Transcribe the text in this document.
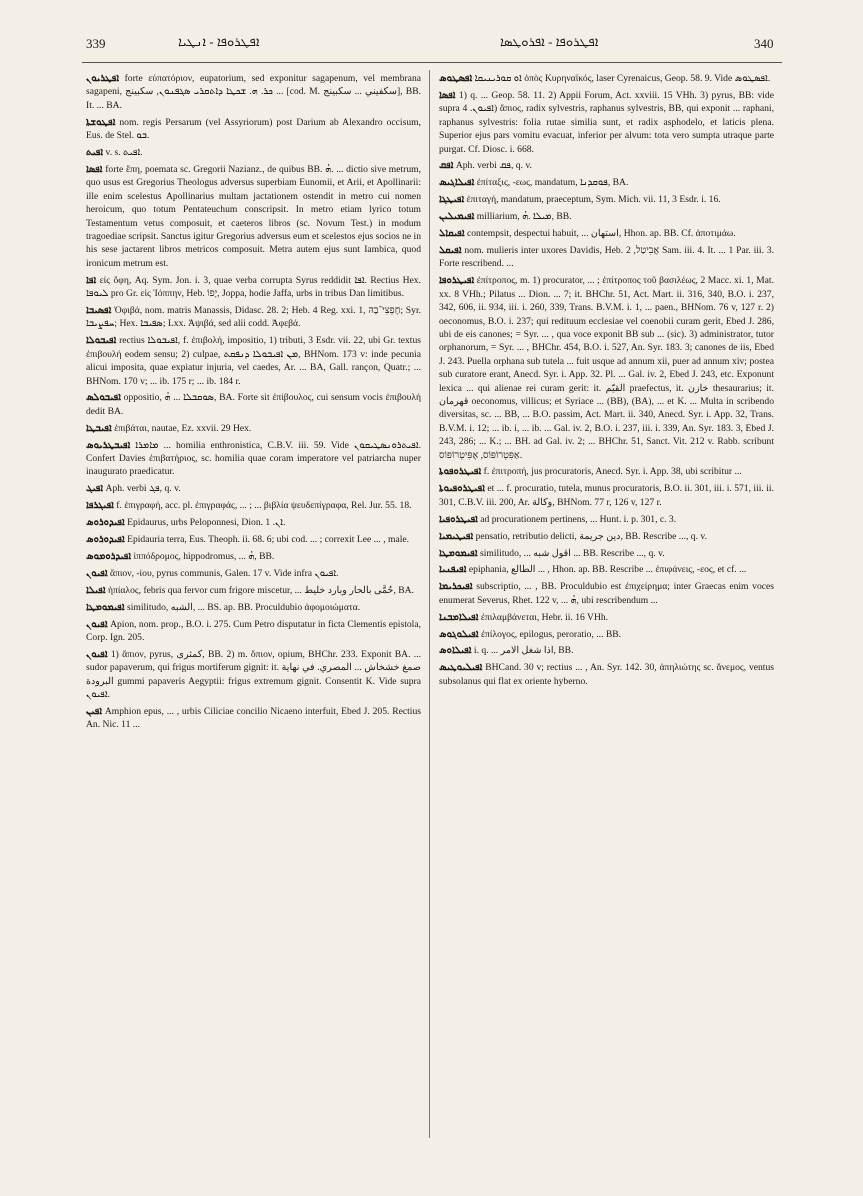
339	ܐܦܛܪܘܦܐ - ܐܢܛܝܐ	ܐܦܛܪܘܦܐ - ܐܦܪܘܛܣܐ	340

ܐܦܛܪܝܘܢ forte εὐπατόριον, eupatorium, sed exponitur sagapenum, vel membrana sagapeni, ܟܪ. ܗ. ܫܟܛܐ ܕܐܬܩܪܝ ܣܓܦܢܘܢ, سكبينج ... [cod. M. سكفيني ... سكبينج], BB. It. ... BA.

ܐܦܛܘܫܬܐ nom. regis Persarum (vel Assyriorum) post Darium ab Alexandro occisum, Eus. de Stel. ܒܘ.

ܐܦܝܬ v. s. ܐܦܝܬ.

ܐܦܣܐ forte ἔπη, poemata sc. Gregorii Nazianz., de quibus BB. ܗܳ. ... dictio sive metrum, quo usus est Gregorius Theologus adversus superbiam Eunomii, et Arii, et Apollinarii: ille enim scelestus Apollinarius multam jactationem ostendit in metro cui nomen heroicum, quo totum Pentateuchum conscripsit. In metro etiam lyrico totum Testamentum vetus composuit, et caeteros libros (sc. Novum Test.) in modum tragoediae scripsit. Sanctus igitur Gregorius adversus eum et scelestos ejus socios ne in his sese jactarent libros metricos composuit. Metra autem ejus sunt Iambica, quod ironicum metrum est.

ܐܦܐ εἰς ὄφη, Aq. Sym. Jon. i. 3, quae verba corrupta Syrus reddidit ܐܦܐ. Rectius Hex. ܠܝܘܦܐ pro Gr. εἰς Ἰόππην, Heb. יָפוֹ, Joppa, hodie Jaffa, urbs in tribus Dan limitibus.

ܐܦܣܝܒܐ Ὀφιβά, nom. matris Manassis, Didasc. 28. 2; Heb. 4 Reg. xxi. 1, חֶפְצִי־בָהּ; Syr. ܚܦܨܝܒܐ; Hex. ܣܦܝܒܐ; Lxx. Ἀψιβά, sed alii codd. Ἀφεβά.

ܐܦܝܒܘܠܐ rectius ܐܦܝܒܘܠܐ, f. ἐπιβολή, impositio, 1) tributi, 3 Esdr. vii. 22, ubi Gr. textus ἐπιβουλή eodem sensu; 2) culpae, ܡܢ ܐܦܝܒܘܠܐ ܕܢܦܩܬ, BHNom. 173 v: inde pecunia alicui imposita, quae expiatur injuria, vel caedes, Ar. ... BA, Gall. rançon, Quatr.; ... BHNom. 170 v; ... ib. 175 r; ... ib. 184 r.

ܐܦܝܒܘܠܣ oppositio, ܣܘܩܒܠܐ ... ܗܳ, BA. Forte sit ἐπίβουλος, cui sensum vocis ἐπιβουλή dedit BA.

ܐܦܝܒܛܐ ἐπιβάται, nautae, Ez. xxvii. 29 Hex.

ܐܦܝܒܛܪܝܘܣ ܡܐܡܪܐ ... homilia enthronistica, C.B.V. iii. 59. Vide ܐܦܝܬܪܘܢܣܛܝܩܘܢ. Confert Davies ἐπιβατήριος, sc. homilia quae coram imperatore vel patriarcha nuper inaugurato praedicatur.

ܐܦܝܓ Aph. verbi ܦܓ, q. v.

ܐܦܝܓܪܦܐ f. ἐπιγραφή, acc. pl. ἐπιγραφάς, ... ; ... βιβλία ψευδεπίγραφα, Rel. Jur. 55. 18.

ܐܦܝܕܘܪܘܣ Epidaurus, urbs Peloponnesi, Dion. ܐܢ. 1.

ܐܦܝܕܘܪܘܣ Epidauria terra, Eus. Theoph. ii. 68. 6; ubi cod. ... ; correxit Lee ... , male.

ܐܦܝܕܪܘܡܘܣ ἱππόδρομος, hippodromus, ... ܗܳ, BB.

ܐܦܝܘܢ ἄπιον, -ίου, pyrus communis, Galen. 17 v. Vide infra ܐܦܝܘܢ.

ܐܦܝܠܐ ἠπίαλος, febris qua fervor cum frigore miscetur, ... حُمَّى بالحار وبارد خليط, BA.

ܐܦܝܡܘܡܛܐ similitudo, الشبه, ... BS. ap. BB. Proculdubio ἀφομοιώματα.

ܐܦܝܘܢ Apion, nom. prop., B.O. i. 275. Cum Petro disputatur in ficta Clementis epistola, Corp. Ign. 205.

ܐܦܝܘܢ 1) ἄπιον, pyrus, كمثرى, BB. 2) m. ὄπιον, opium, BHChr. 233. Exponit BA. ... sudor papaverum, qui frigus mortiferum gignit: it. صمغ خشخاش ... المصري. في نهاية البرودة gummi papaveris Aegyptii: frigus extremum gignit. Consentit K. Vide supra ܐܦܝܘܢ.

ܐܦܝܢ Amphion epus, ... , urbis Ciliciae concilio Nicaeno interfuit, Ebed J. 205. Rectius An. Nic. 11 ...

ܐܦܣܛܘܣ ܐܘ ܩܘܪܝܢܝܩܐ ὀπὸς Κυρηναϊκός, laser Cyrenaicus, Geop. 58. 9. Vide ܐܦܣܛܘܣ.

ܐܦܣܐ 1) q. ... Geop. 58. 11. 2) Appii Forum, Act. xxviii. 15 VHh. 3) pyrus, BB: vide supra ܐܦܝܘܢ. 4) ἄπιος, radix sylvestris, raphanus sylvestris, BB, qui exponit ... raphani, raphanus sylvestris: folia rutae similia sunt, et radix asphodelo, et laticis plena. Superior ejus pars vomitu evacuat, inferior per alvum: tota vero sumpta utraque parte purgat. Cf. Diosc. i. 668.

ܐܦܩ Aph. verbi ܦܩ, q. v.

ܐܦܝܠܐܓܝܣ ἐπίταξις, -εως, mandatum, ܦܘܩܕܢܐ, BA.

ܐܦܝܛܓܐ ἐπιταγή, mandatum, praeceptum, Sym. Mich. vii. 11, 3 Esdr. i. 16.

ܐܦܝܡܝܠܝܢ milliarium, ܡܝܠܐ .ܗܳ, BB.

ܐܦܝܩܐܠ contempsit, despectui habuit, ... استهان, Hhon. ap. BB. Cf. ἀποτιμάω.

ܐܦܝܩܠ nom. mulieris inter uxores Davidis, Heb. אֲבִיטַל, 2 Sam. iii. 4. It. ... 1 Par. iii. 3. Forte rescribend. ...

ܐܦܝܛܪܘܦܐ ἐπίτροπος, m. 1) procurator, ... ; ἐπίτροπος τοῦ βασιλέως, 2 Macc. xi. 1, Mat. xx. 8 VHh.; Pilatus ... Dion. ... 7; it. BHChr. 51, Act. Mart. ii. 316, 340, B.O. i. 237, 342, 606, ii. 934, iii. i. 260, 339, Trans. B.V.M. i. 1, ... paen., BHNom. 76 v, 127 r. 2) oeconomus, B.O. i. 237; qui redituum ecclesiae vel coenobii curam gerit, Ebed J. 286, ubi de eis canones; = Syr. ... , qua voce exponit BB sub ... (sic). 3) administrator, tutor orphanorum, = Syr. ... , BHChr. 454, B.O. i. 527, An. Syr. 183. 3; canones de iis, Ebed J. 243. Puella orphana sub tutela ... fuit usque ad annum xii, puer ad annum xiv; postea sub curatore erant, Anecd. Syr. i. App. 32. Pl. ... Gal. iv. 2, Ebed J. 243, etc. Exponunt lexica ... qui alienae rei curam gerit: it. القيّم praefectus, it. خازن thesaurarius; it. قهرمان oeconomus, villicus; et Syriace ... (BB), (BA), ... et K. ... Multa in scribendo diversitas, sc. ... BB, ... B.O. passim, Act. Mart. ii. 340, Anecd. Syr. i. App. 32, Trans. B.V.M. i. 12; ... ib. i, ... ib. ... Gal. iv. 2, B.O. i. 237, iii. i. 339, An. Syr. 183. 3, Ebed J. 243, 286; ... K.; ... BH. ad Gal. iv. 2; ... BHChr. 51, Sanct. Vit. 212 v. Rabb. scribunt אַפִּטְרוֹפּוֹס, אֶפִּיטְרוֹפּוֹס.

ܐܦܝܛܪܘܦܘܬܐ f. ἐπιτροπή, jus procuratoris, Anecd. Syr. i. App. 38, ubi scribitur ...

ܐܦܝܛܪܘܦܝܘܬܐ et ... f. procuratio, tutela, munus procuratoris, B.O. ii. 301, iii. i. 571, iii. ii. 301, C.B.V. iii. 200, Ar. وكالة, BHNom. 77 r, 126 v, 127 r.

ܐܦܝܛܪܘܦܝܐ ad procurationem pertinens, ... Hunt. i. p. 301, c. 3.

ܐܦܝܛܝܡܝܐ pensatio, retributio delicti, دين جريمة, BB. Rescribe ..., q. v.

ܐܦܝܡܘܡܛܐ similitudo, ... اقول شبه ... BB. Rescribe ..., q. v.

ܐܦܝܦܢܝܐ epiphania, الطالع ... , Hhon. ap. BB. Rescribe ... ἐπιφάνεις, -εος, et cf. ...

ܐܦܝܟܪܝܡܐ subscriptio, ... , BB. Proculdubio est ἐπιχείρημα; inter Graecas enim voces enumerat Severus, Rhet. 122 v, ... ܗܳ, ubi rescribendum ...

ܐܦܝܠܐܡܒܢܐ ἐπιλαμβάνεται, Hebr. ii. 16 VHh.

ܐܦܝܠܘܓܘܣ ἐπίλογος, epilogus, peroratio, ... BB.

ܐܦܝܠܐܘܣ i. q. ... اذا شغل الامر, BB.

ܐܦܝܠܝܘܛܝܣ BHCand. 30 v; rectius ... , An. Syr. 142. 30, ἀπηλιώτης sc. ἄνεμος, ventus subsolanus qui flat ex oriente hyberno.
